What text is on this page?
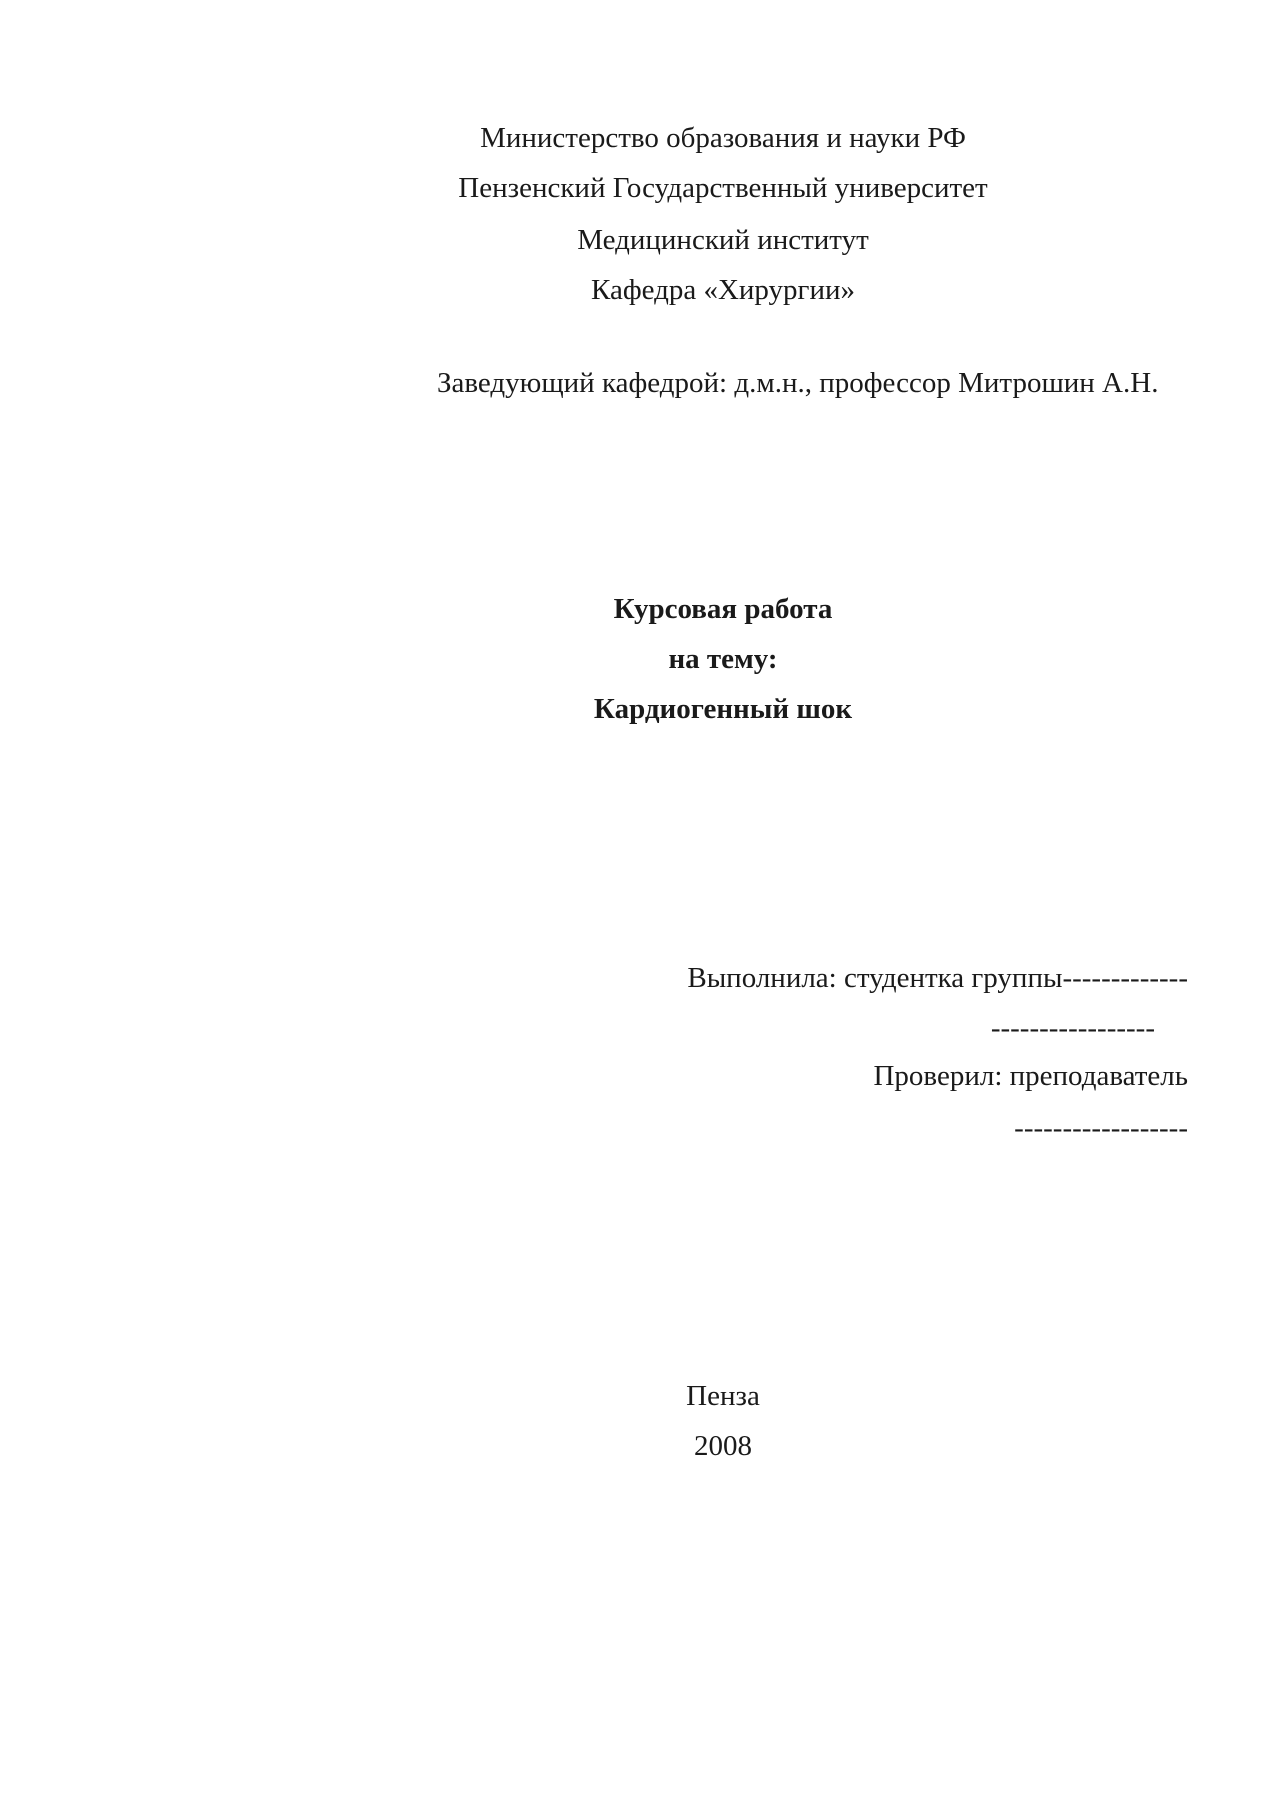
Министерство образования и науки РФ
Пензенский Государственный университет
Медицинский институт
Кафедра «Хирургии»
Заведующий кафедрой: д.м.н., профессор Митрошин А.Н.
Курсовая работа
на тему:
Кардиогенный шок
Выполнила: студентка группы-------------
-----------------
Проверил: преподаватель
------------------
Пенза
2008
